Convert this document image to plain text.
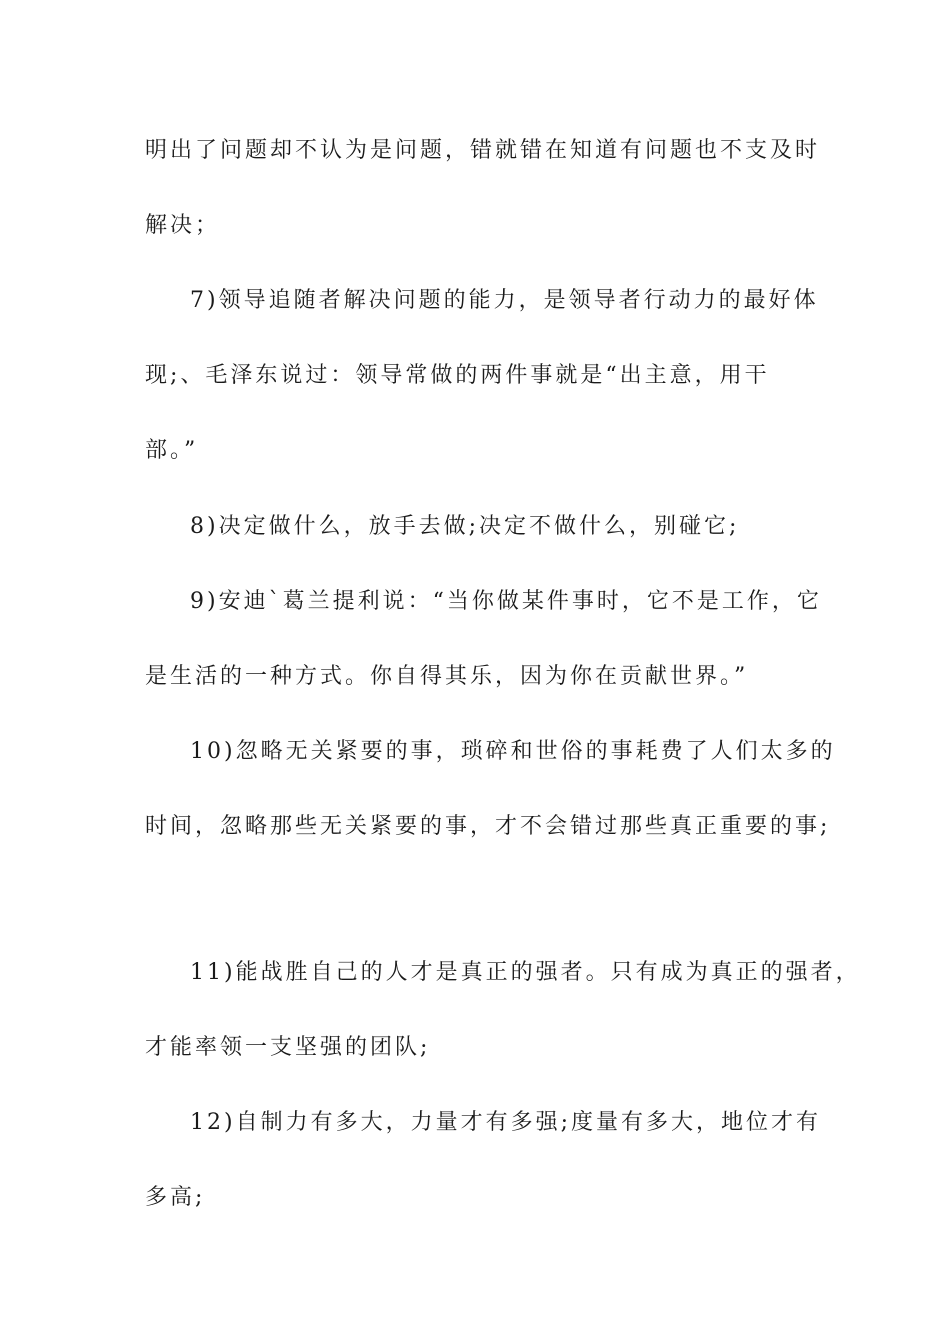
明出了问题却不认为是问题，错就错在知道有问题也不支及时
解决；
7)领导追随者解决问题的能力，是领导者行动力的最好体
现;、毛泽东说过：领导常做的两件事就是“出主意，用干
部。”
8)决定做什么，放手去做;决定不做什么，别碰它;
9)安迪`葛兰提利说：“当你做某件事时，它不是工作，它
是生活的一种方式。你自得其乐，因为你在贡献世界。”
10)忽略无关紧要的事，琐碎和世俗的事耗费了人们太多的
时间，忽略那些无关紧要的事，才不会错过那些真正重要的事;
11)能战胜自己的人才是真正的强者。只有成为真正的强者，
才能率领一支坚强的团队;
12)自制力有多大，力量才有多强;度量有多大，地位才有
多高;
